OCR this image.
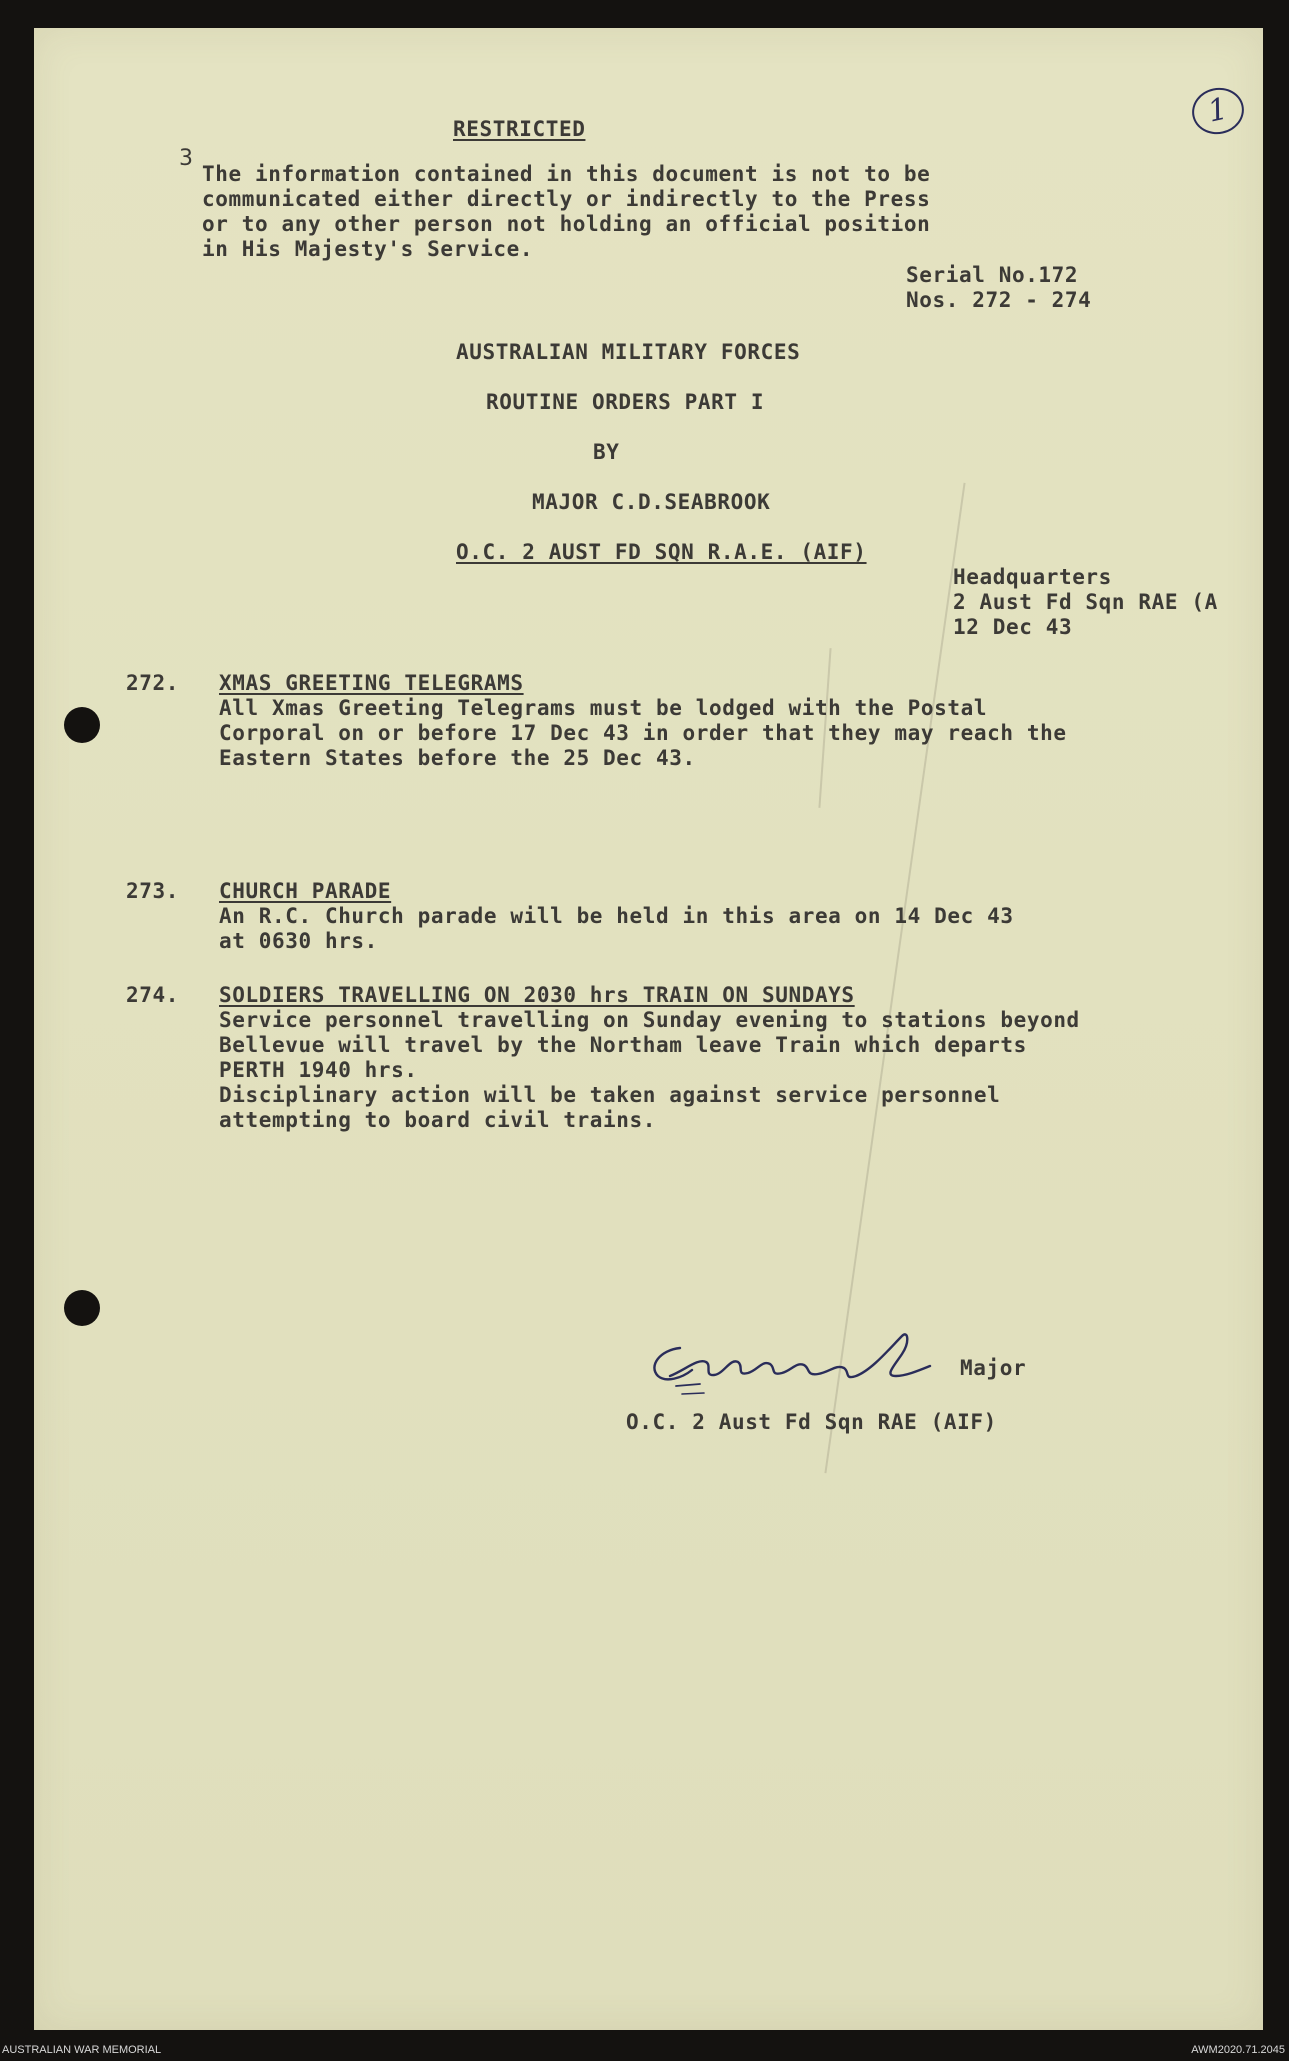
1
3
RESTRICTED
The information contained in this document is not to be
communicated either directly or indirectly to the Press
or to any other person not holding an official position
in His Majesty's Service.
Serial No.172
Nos. 272 - 274
AUSTRALIAN MILITARY FORCES
ROUTINE ORDERS PART I
BY
MAJOR C.D.SEABROOK
O.C. 2 AUST FD SQN R.A.E. (AIF)
Headquarters
2 Aust Fd Sqn RAE (A
12 Dec 43
272. XMAS GREETING TELEGRAMS
All Xmas Greeting Telegrams must be lodged with the Postal
Corporal on or before 17 Dec 43 in order that they may reach the
Eastern States before the 25 Dec 43.
273. CHURCH PARADE
An R.C. Church parade will be held in this area on 14 Dec 43
at 0630 hrs.
274. SOLDIERS TRAVELLING ON 2030 hrs TRAIN ON SUNDAYS
Service personnel travelling on Sunday evening to stations beyond
Bellevue will travel by the Northam leave Train which departs
PERTH 1940 hrs.
Disciplinary action will be taken against service personnel
attempting to board civil trains.
Major
O.C. 2 Aust Fd Sqn RAE (AIF)
AUSTRALIAN WAR MEMORIAL	AWM2020.71.2045
